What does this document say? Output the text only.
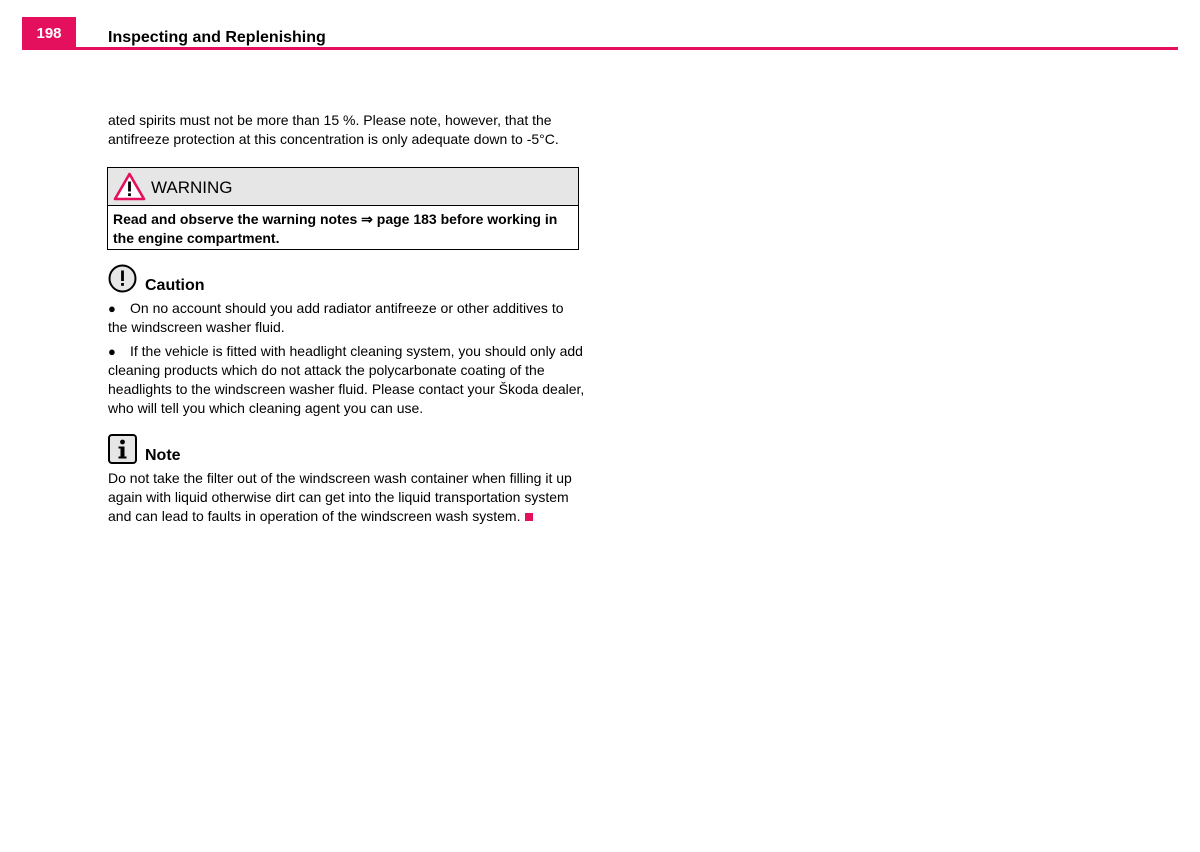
198	Inspecting and Replenishing

ated spirits must not be more than 15 %. Please note, however, that the antifreeze protection at this concentration is only adequate down to -5°C.

WARNING
Read and observe the warning notes ⇒ page 183 before working in the engine compartment.
Caution
● On no account should you add radiator antifreeze or other additives to the windscreen washer fluid.
● If the vehicle is fitted with headlight cleaning system, you should only add cleaning products which do not attack the polycarbonate coating of the headlights to the windscreen washer fluid. Please contact your Škoda dealer, who will tell you which cleaning agent you can use.
Note
Do not take the filter out of the windscreen wash container when filling it up again with liquid otherwise dirt can get into the liquid transportation system and can lead to faults in operation of the windscreen wash system.
